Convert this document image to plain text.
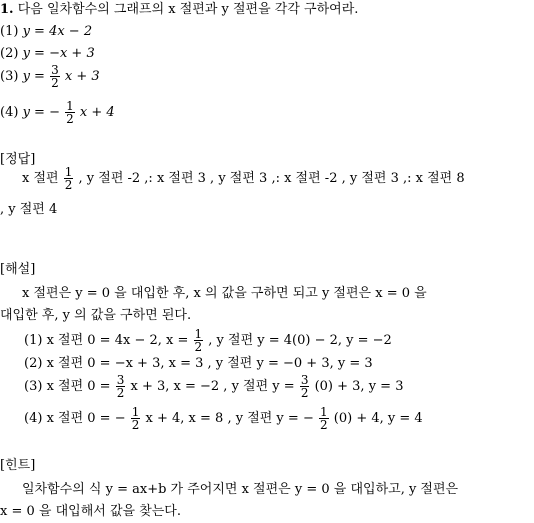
1. 다음 일차함수의 그래프의 x 절편과 y 절편을 각각 구하여라.
(1) y = 4x − 2
(2) y = −x + 3
(3) $y = \frac{3}{2}$ x + 3
(4) y = − $\frac{1}{2}$ x + 4
[정답]
x 절편 $\frac{1}{2}$ , y 절편 -2 ,: x 절편 3 , y 절편 3 ,: x 절편 -2 , y 절편 3 ,: x 절편 8
, y 절편 4
[해설]
x 절편은 y = 0 을 대입한 후, x 의 값을 구하면 되고 y 절편은 x = 0 을
대입한 후, y 의 값을 구하면 된다.
(1) x 절편 0 = 4x − 2, $x = \frac{1}{2}$ , y 절편 y = 4(0) − 2, y = −2
(2) x 절편 0 = −x + 3, x = 3 , y 절편 y = −0 + 3, y = 3
(3) x 절편 $0 = \frac{3}{2}$ x + 3, x = −2 , y 절편 $y = \frac{3}{2} (0) + 3$, y = 3
(4) x 절편 0 = − $\frac{1}{2}$ x + 4, x = 8 , y 절편 y = − $\frac{1}{2} (0) + 4$, y = 4
[힌트]
일차함수의 식 y = ax+b 가 주어지면 x 절편은 y = 0 을 대입하고, y 절편은
x = 0 을 대입해서 값을 찾는다.
